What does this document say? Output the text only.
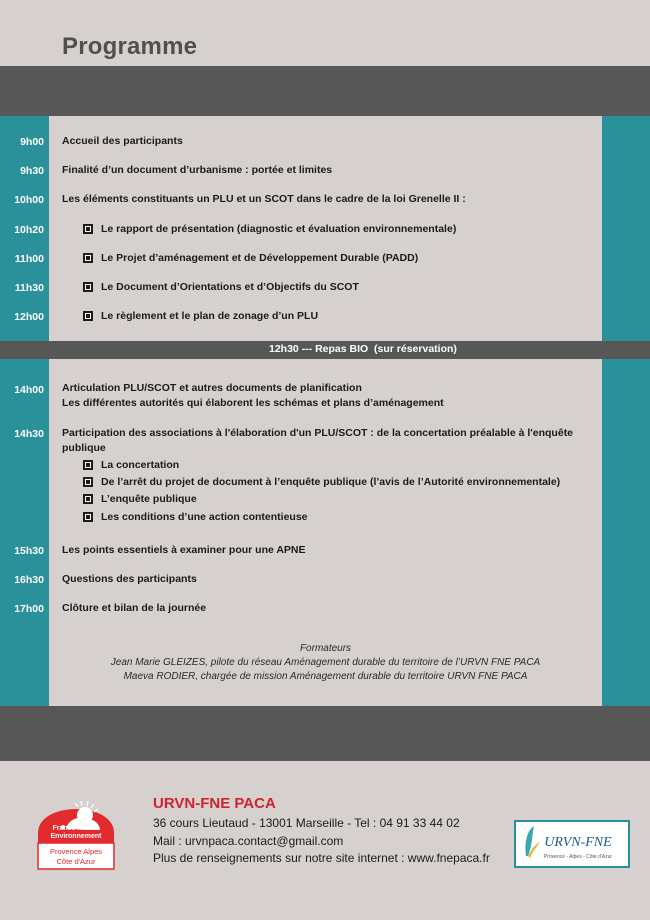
Programme
9h00 Accueil des participants
9h30 Finalité d’un document d’urbanisme : portée et limites
10h00 Les éléments constituants un PLU et un SCOT dans le cadre de la loi Grenelle II :
10h20	Le rapport de présentation (diagnostic et évaluation environnementale)
11h00	Le Projet d’aménagement et de Développement Durable (PADD)
11h30	Le Document d’Orientations et d’Objectifs du SCOT
12h00	Le règlement et le plan de zonage d’un PLU
12h30 --- Repas BIO  (sur réservation)
14h00 Articulation PLU/SCOT et autres documents de planification
Les différentes autorités qui élaborent les schémas et plans d’aménagement
14h30 Participation des associations à l'élaboration d'un PLU/SCOT : de la concertation préalable à l'enquête publique
La concertation
De l’arrêt du projet de document à l’enquête publique (l’avis de l’Autorité environnementale)
L’enquête publique
Les conditions d’une action contentieuse
15h30 Les points essentiels à examiner pour une APNE
16h30 Questions des participants
17h00 Clôture et bilan de la journée
Formateurs
Jean Marie GLEIZES, pilote du réseau Aménagement durable du territoire de l’URVN FNE PACA
Maeva RODIER, chargée de mission Aménagement durable du territoire URVN FNE PACA
France Nature
Environnement
Provence Alpes
Côte d'Azur
URVN-FNE PACA
36 cours Lieutaud - 13001 Marseille - Tel : 04 91 33 44 02
Mail : urvnpaca.contact@gmail.com
Plus de renseignements sur notre site internet : www.fnepaca.fr
URVN-FNE
Provence - Alpes - Côte d'Azur
